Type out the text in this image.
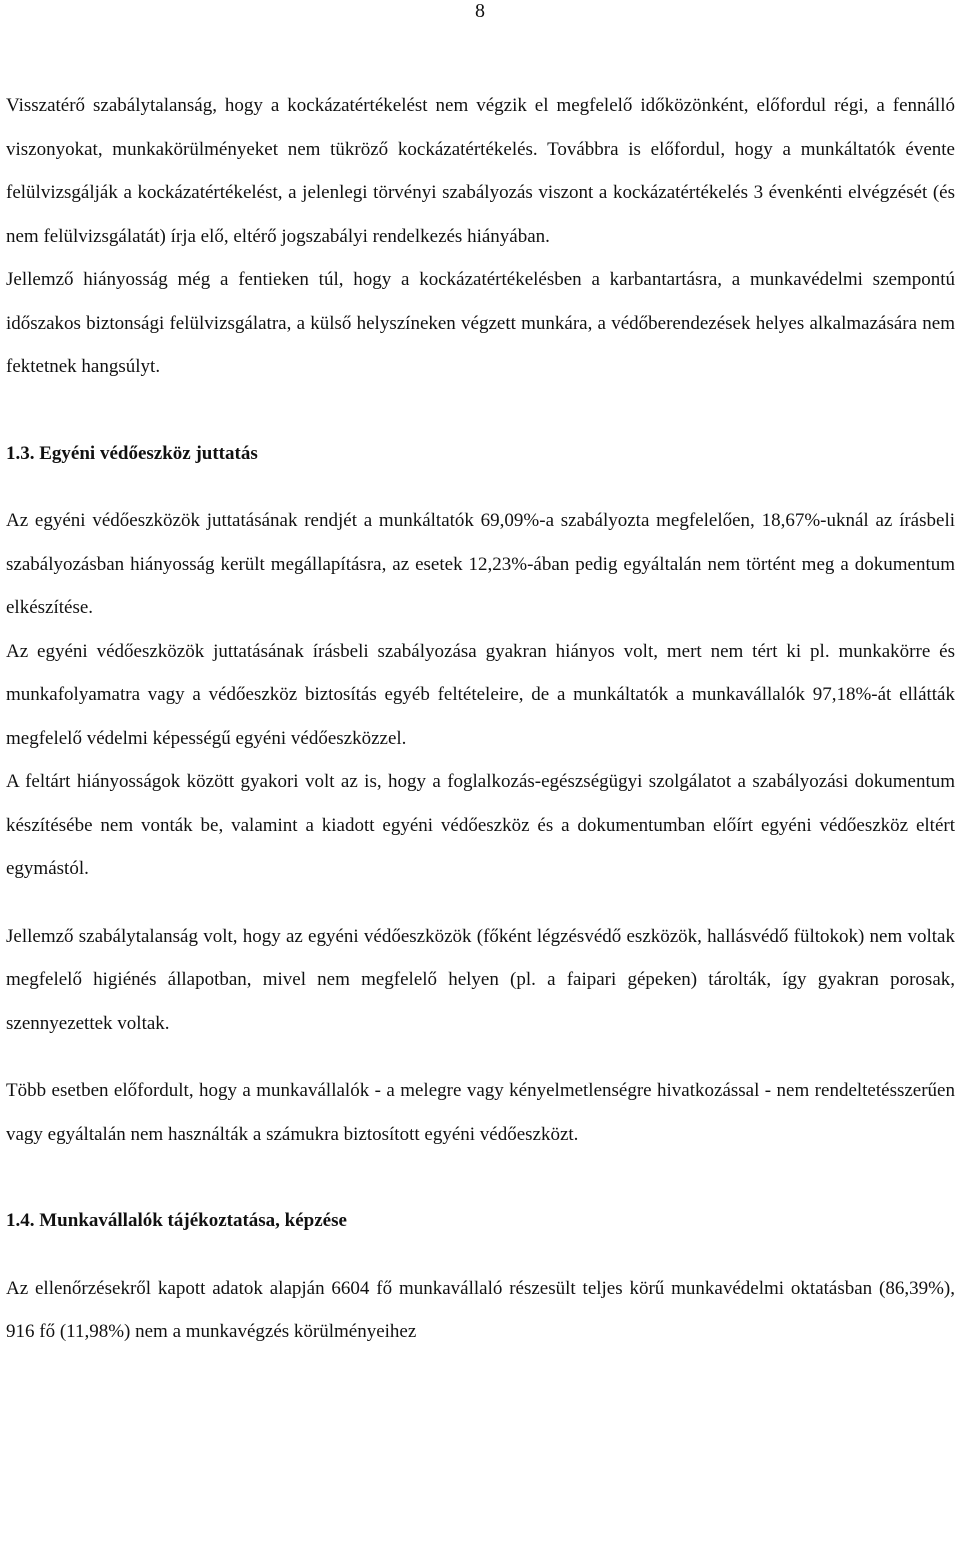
8

Visszatérő szabálytalanság, hogy a kockázatértékelést nem végzik el megfelelő időközönként, előfordul régi, a fennálló viszonyokat, munkakörülményeket nem tükröző kockázatértékelés. Továbbra is előfordul, hogy a munkáltatók évente felülvizsgálják a kockázatértékelést, a jelenlegi törvényi szabályozás viszont a kockázatértékelés 3 évenkénti elvégzését (és nem felülvizsgálatát) írja elő, eltérő jogszabályi rendelkezés hiányában.

Jellemző hiányosság még a fentieken túl, hogy a kockázatértékelésben a karbantartásra, a munkavédelmi szempontú időszakos biztonsági felülvizsgálatra, a külső helyszíneken végzett munkára, a védőberendezések helyes alkalmazására nem fektetnek hangsúlyt.

1.3. Egyéni védőeszköz juttatás

Az egyéni védőeszközök juttatásának rendjét a munkáltatók 69,09%-a szabályozta megfelelően, 18,67%-uknál az írásbeli szabályozásban hiányosság került megállapításra, az esetek 12,23%-ában pedig egyáltalán nem történt meg a dokumentum elkészítése.

Az egyéni védőeszközök juttatásának írásbeli szabályozása gyakran hiányos volt, mert nem tért ki pl. munkakörre és munkafolyamatra vagy a védőeszköz biztosítás egyéb feltételeire, de a munkáltatók a munkavállalók 97,18%-át ellátták megfelelő védelmi képességű egyéni védőeszközzel.

A feltárt hiányosságok között gyakori volt az is, hogy a foglalkozás-egészségügyi szolgálatot a szabályozási dokumentum készítésébe nem vonták be, valamint a kiadott egyéni védőeszköz és a dokumentumban előírt egyéni védőeszköz eltért egymástól.

Jellemző szabálytalanság volt, hogy az egyéni védőeszközök (főként légzésvédő eszközök, hallásvédő fültokok) nem voltak megfelelő higiénés állapotban, mivel nem megfelelő helyen (pl. a faipari gépeken) tárolták, így gyakran porosak, szennyezettek voltak.

Több esetben előfordult, hogy a munkavállalók - a melegre vagy kényelmetlenségre hivatkozással - nem rendeltetésszerűen vagy egyáltalán nem használták a számukra biztosított egyéni védőeszközt.

1.4. Munkavállalók tájékoztatása, képzése

Az ellenőrzésekről kapott adatok alapján 6604 fő munkavállaló részesült teljes körű munkavédelmi oktatásban (86,39%), 916 fő (11,98%) nem a munkavégzés körülményeihez
